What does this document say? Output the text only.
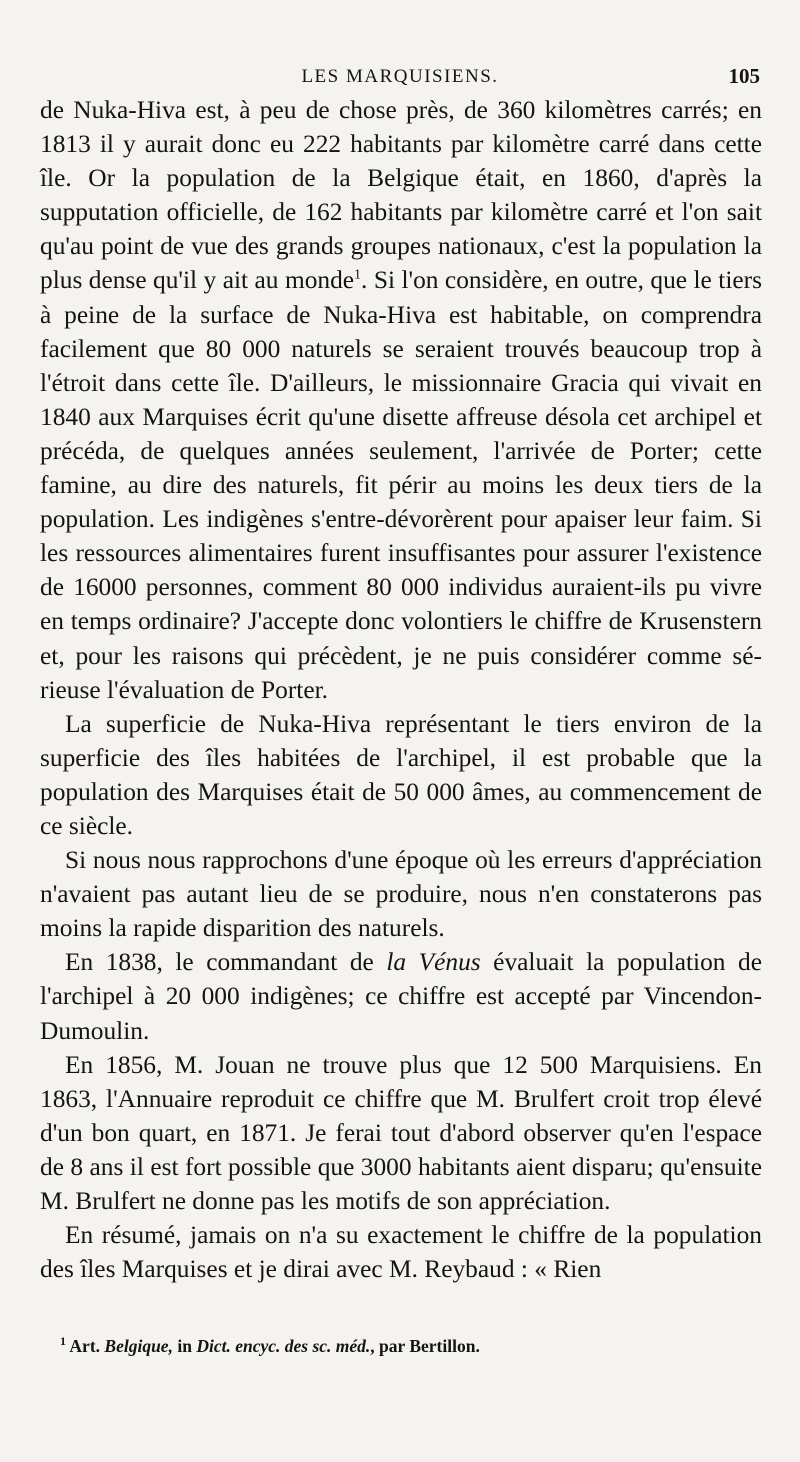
LES MARQUISIENS.	105

de Nuka-Hiva est, à peu de chose près, de 360 kilomètres carrés; en 1813 il y aurait donc eu 222 habitants par kilomètre carré dans cette île. Or la population de la Belgique était, en 1860, d'après la supputation officielle, de 162 habitants par kilomètre carré et l'on sait qu'au point de vue des grands groupes nationaux, c'est la population la plus dense qu'il y ait au monde$^1$. Si l'on considère, en outre, que le tiers à peine de la surface de Nuka-Hiva est habitable, on comprendra facilement que 80 000 naturels se seraient trouvés beaucoup trop à l'étroit dans cette île. D'ailleurs, le missionnaire Gracia qui vivait en 1840 aux Marquises écrit qu'une disette affreuse désola cet archipel et précéda, de quelques années seulement, l'arrivée de Porter; cette famine, au dire des naturels, fit périr au moins les deux tiers de la population. Les indigènes s'entre-dévorèrent pour apaiser leur faim. Si les ressources alimentaires furent insuffisantes pour assurer l'existence de 16000 personnes, comment 80 000 individus auraient-ils pu vivre en temps ordinaire? J'accepte donc volontiers le chiffre de Krusenstern et, pour les raisons qui précèdent, je ne puis considérer comme sérieuse l'évaluation de Porter.

La superficie de Nuka-Hiva représentant le tiers environ de la superficie des îles habitées de l'archipel, il est probable que la population des Marquises était de 50 000 âmes, au commencement de ce siècle.

Si nous nous rapprochons d'une époque où les erreurs d'appréciation n'avaient pas autant lieu de se produire, nous n'en constaterons pas moins la rapide disparition des naturels.

En 1838, le commandant de la Vénus évaluait la population de l'archipel à 20 000 indigènes; ce chiffre est accepté par Vincendon-Dumoulin.

En 1856, M. Jouan ne trouve plus que 12 500 Marquisiens. En 1863, l'Annuaire reproduit ce chiffre que M. Brulfert croit trop élevé d'un bon quart, en 1871. Je ferai tout d'abord observer qu'en l'espace de 8 ans il est fort possible que 3000 habitants aient disparu; qu'ensuite M. Brulfert ne donne pas les motifs de son appréciation.

En résumé, jamais on n'a su exactement le chiffre de la population des îles Marquises et je dirai avec M. Reybaud : « Rien

$^1$ Art. Belgique, in Dict. encyc. des sc. méd., par Bertillon.
